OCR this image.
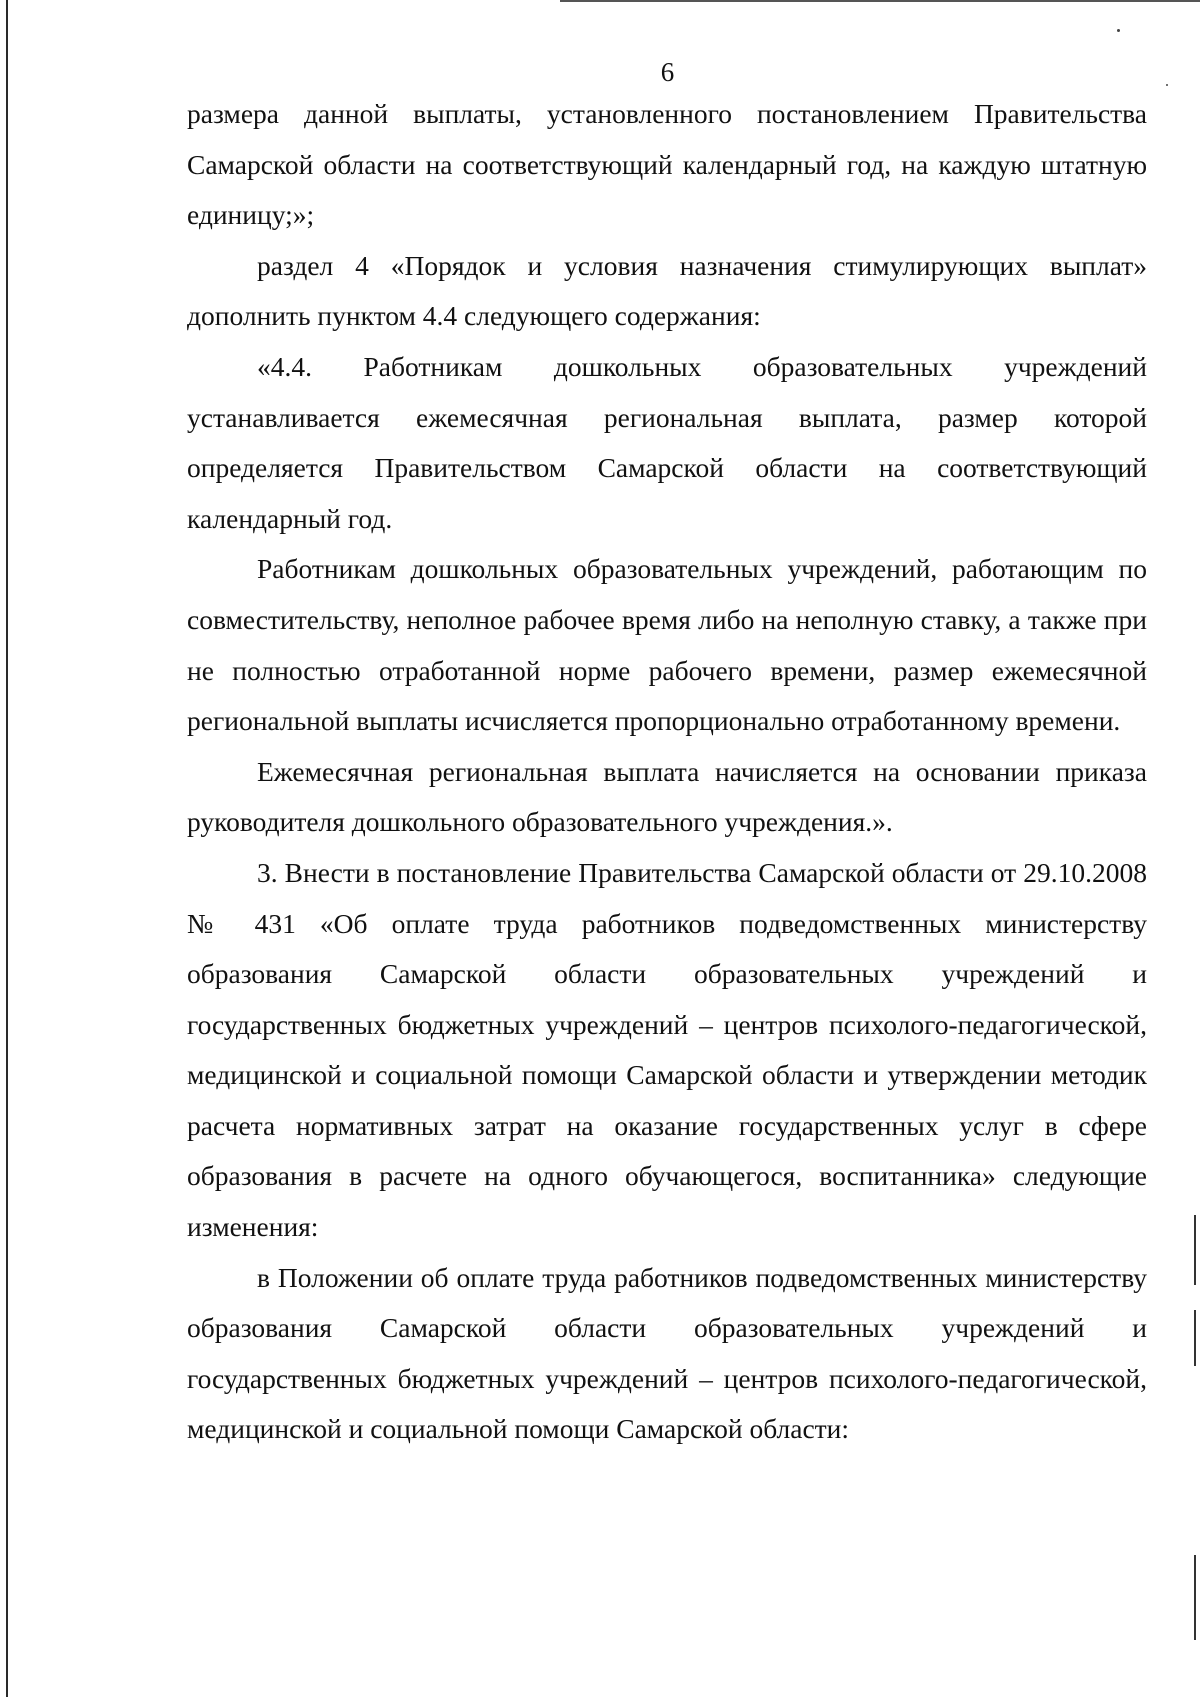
6

размера данной выплаты, установленного постановлением Правительства Самарской области на соответствующий календарный год, на каждую штатную единицу;»;

раздел 4 «Порядок и условия назначения стимулирующих выплат» дополнить пунктом 4.4 следующего содержания:

«4.4. Работникам дошкольных образовательных учреждений устанавливается ежемесячная региональная выплата, размер которой определяется Правительством Самарской области на соответствующий календарный год.

Работникам дошкольных образовательных учреждений, работающим по совместительству, неполное рабочее время либо на неполную ставку, а также при не полностью отработанной норме рабочего времени, размер ежемесячной региональной выплаты исчисляется пропорционально отработанному времени.

Ежемесячная региональная выплата начисляется на основании приказа руководителя дошкольного образовательного учреждения.».

3. Внести в постановление Правительства Самарской области от 29.10.2008 № 431 «Об оплате труда работников подведомственных министерству образования Самарской области образовательных учреждений и государственных бюджетных учреждений – центров психолого-педагогической, медицинской и социальной помощи Самарской области и утверждении методик расчета нормативных затрат на оказание государственных услуг в сфере образования в расчете на одного обучающегося, воспитанника» следующие изменения:

в Положении об оплате труда работников подведомственных министерству образования Самарской области образовательных учреждений и государственных бюджетных учреждений – центров психолого-педагогической, медицинской и социальной помощи Самарской области:
